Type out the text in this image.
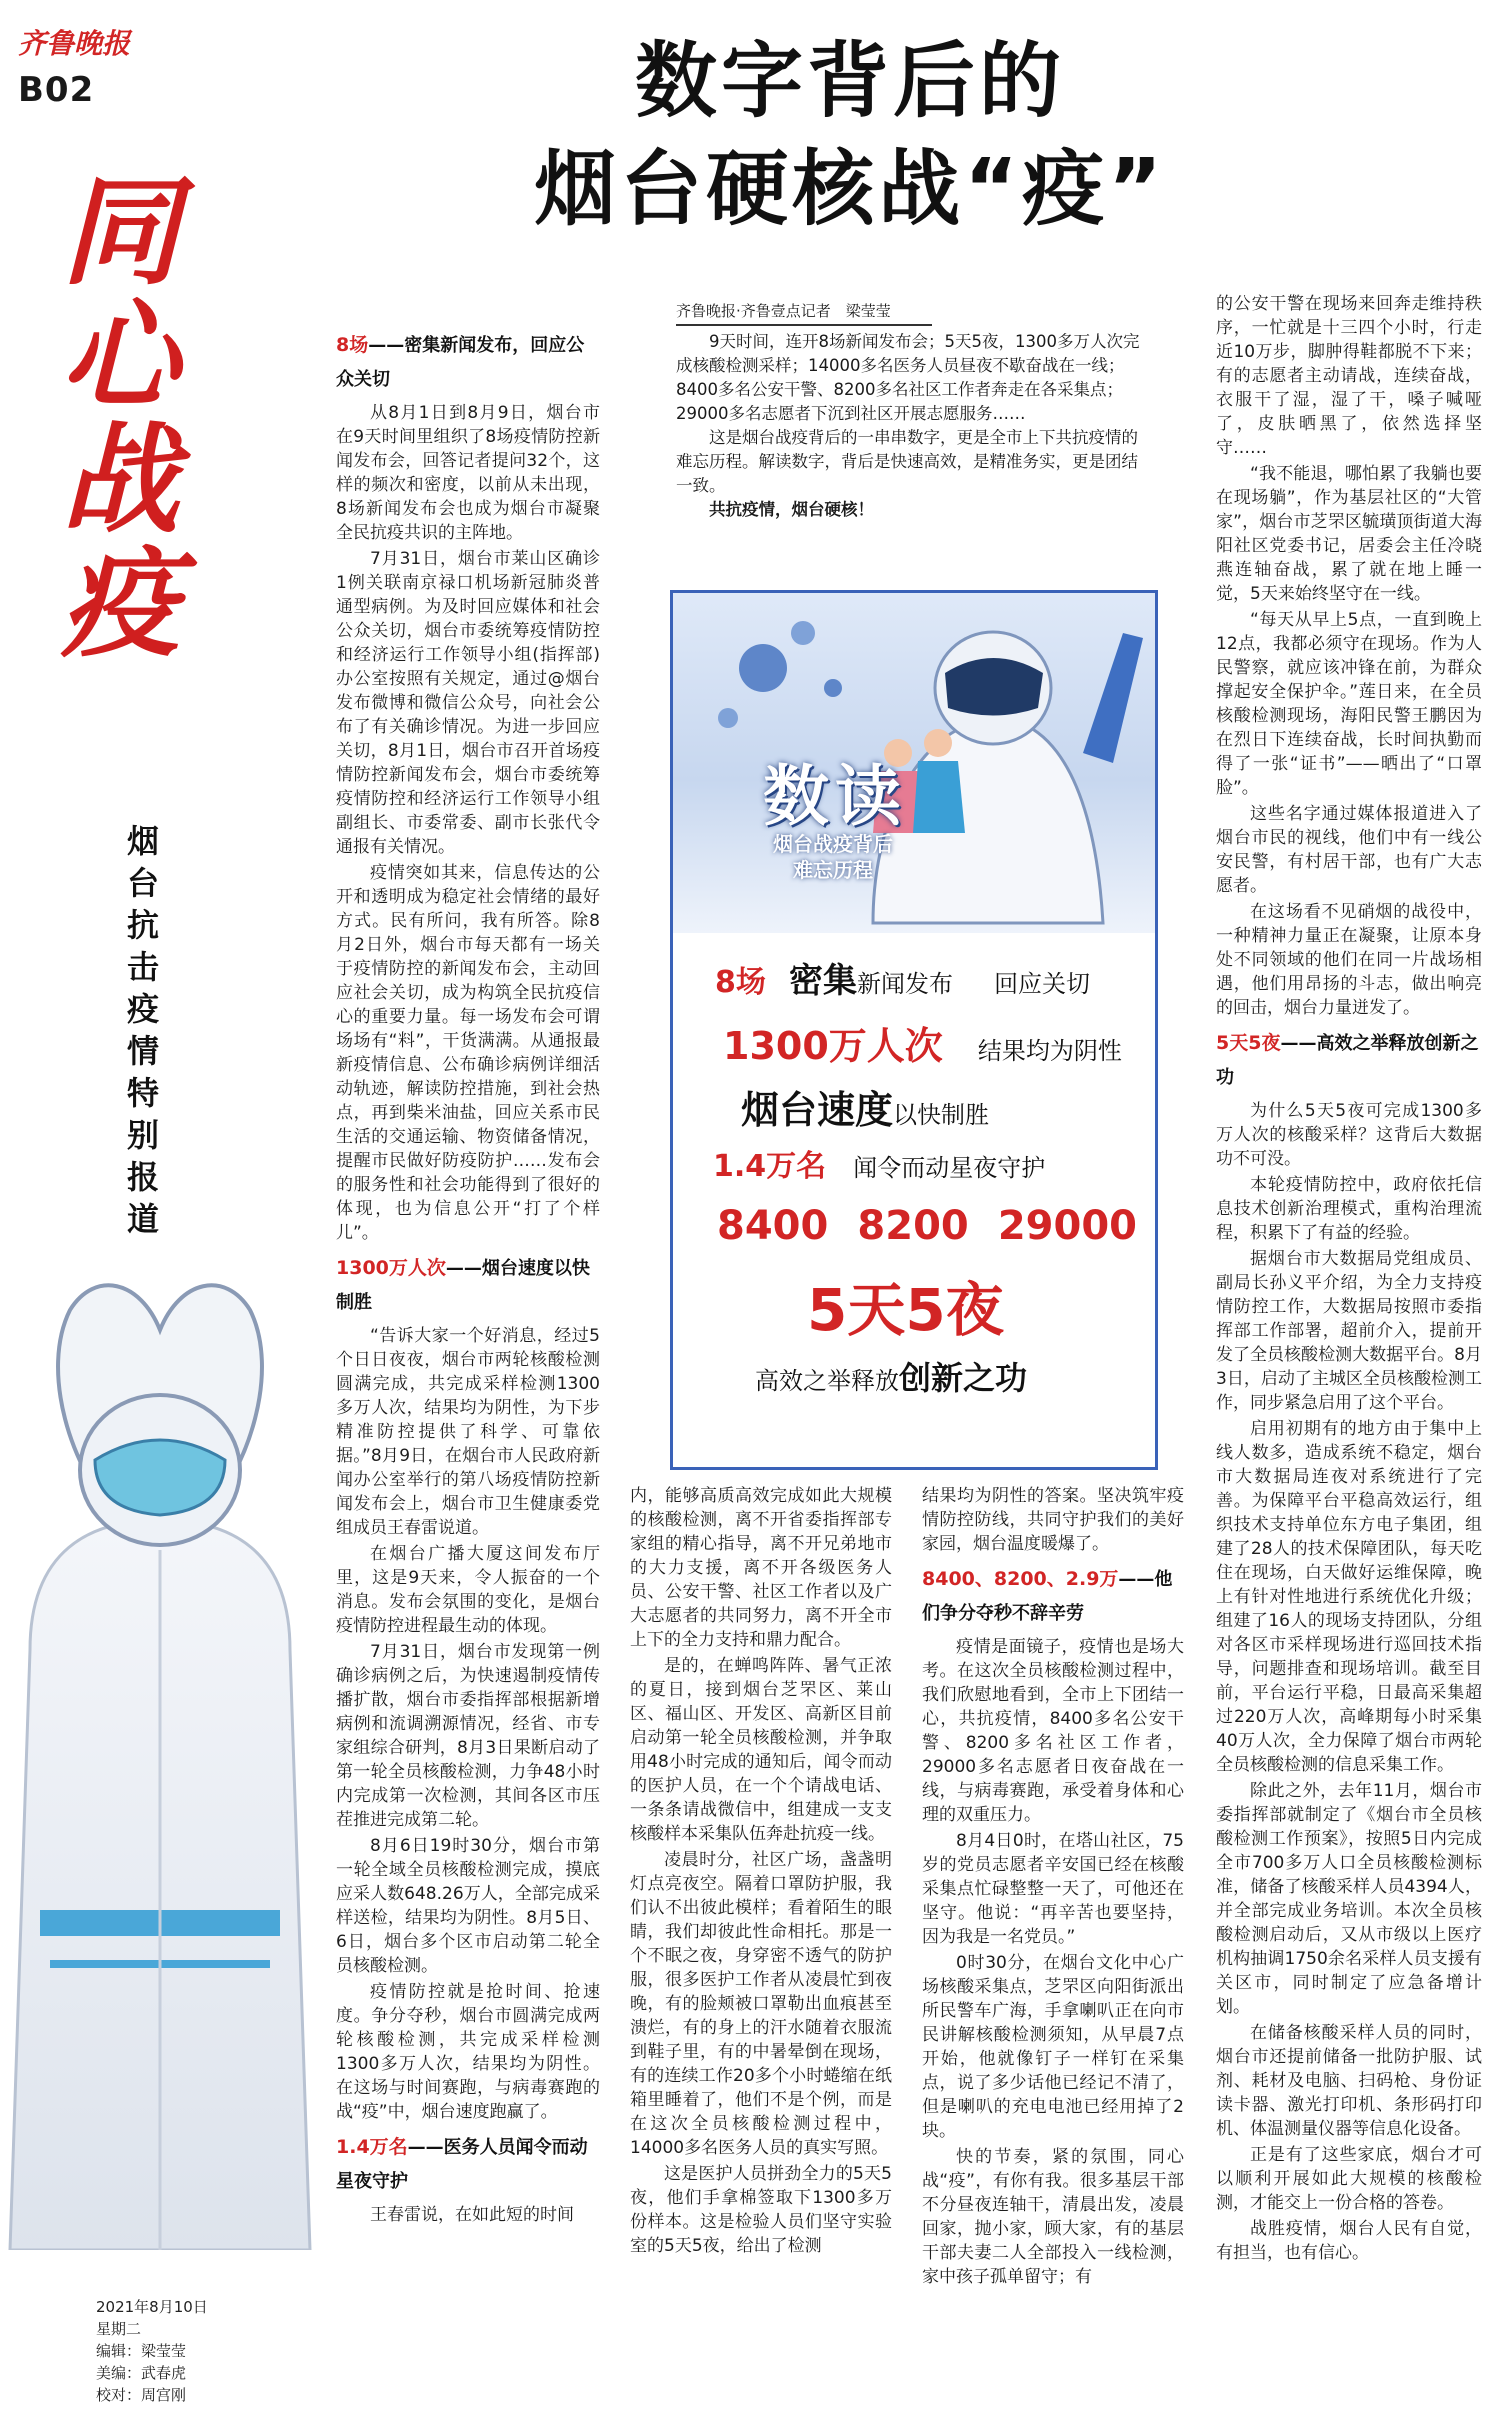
齐鲁晚报
B02
同
心
战
疫
烟台抗击疫情特别报道
2021年8月10日
星期二
编辑：梁莹莹
美编：武春虎
校对：周宫刚
数字背后的
烟台硬核战“疫”
齐鲁晚报·齐鲁壹点记者　梁莹莹

9天时间，连开8场新闻发布会；5天5夜，1300多万人次完成核酸检测采样；14000多名医务人员昼夜不歇奋战在一线；8400多名公安干警、8200多名社区工作者奔走在各采集点；29000多名志愿者下沉到社区开展志愿服务……

这是烟台战疫背后的一串串数字，更是全市上下共抗疫情的难忘历程。解读数字，背后是快速高效，是精准务实，更是团结一致。

共抗疫情，烟台硬核！

8场——密集新闻发布，回应公众关切

从8月1日到8月9日，烟台市在9天时间里组织了8场疫情防控新闻发布会，回答记者提问32个，这样的频次和密度，以前从未出现，8场新闻发布会也成为烟台市凝聚全民抗疫共识的主阵地。

7月31日，烟台市莱山区确诊1例关联南京禄口机场新冠肺炎普通型病例。为及时回应媒体和社会公众关切，烟台市委统筹疫情防控和经济运行工作领导小组(指挥部)办公室按照有关规定，通过@烟台发布微博和微信公众号，向社会公布了有关确诊情况。为进一步回应关切，8月1日，烟台市召开首场疫情防控新闻发布会，烟台市委统筹疫情防控和经济运行工作领导小组副组长、市委常委、副市长张代令通报有关情况。

疫情突如其来，信息传达的公开和透明成为稳定社会情绪的最好方式。民有所问，我有所答。除8月2日外，烟台市每天都有一场关于疫情防控的新闻发布会，主动回应社会关切，成为构筑全民抗疫信心的重要力量。每一场发布会可谓场场有“料”，干货满满。从通报最新疫情信息、公布确诊病例详细活动轨迹，解读防控措施，到社会热点，再到柴米油盐，回应关系市民生活的交通运输、物资储备情况，提醒市民做好防疫防护……发布会的服务性和社会功能得到了很好的体现，也为信息公开“打了个样儿”。

1300万人次——烟台速度以快制胜

“告诉大家一个好消息，经过5个日日夜夜，烟台市两轮核酸检测圆满完成，共完成采样检测1300多万人次，结果均为阴性，为下步精准防控提供了科学、可靠依据。”8月9日，在烟台市人民政府新闻办公室举行的第八场疫情防控新闻发布会上，烟台市卫生健康委党组成员王春雷说道。

在烟台广播大厦这间发布厅里，这是9天来，令人振奋的一个消息。发布会氛围的变化，是烟台疫情防控进程最生动的体现。

7月31日，烟台市发现第一例确诊病例之后，为快速遏制疫情传播扩散，烟台市委指挥部根据新增病例和流调溯源情况，经省、市专家组综合研判，8月3日果断启动了第一轮全员核酸检测，力争48小时内完成第一次检测，其间各区市压茬推进完成第二轮。

8月6日19时30分，烟台市第一轮全域全员核酸检测完成，摸底应采人数648.26万人，全部完成采样送检，结果均为阴性。8月5日、6日，烟台多个区市启动第二轮全员核酸检测。

疫情防控就是抢时间、抢速度。争分夺秒，烟台市圆满完成两轮核酸检测，共完成采样检测1300多万人次，结果均为阴性。在这场与时间赛跑，与病毒赛跑的战“疫”中，烟台速度跑赢了。

1.4万名——医务人员闻令而动星夜守护

王春雷说，在如此短的时间

数读
烟台战疫背后
难忘历程
8场 密集新闻发布 回应关切
1300万人次 结果均为阴性
烟台速度以快制胜
1.4万名 闻令而动星夜守护
8400 8200 29000
5天5夜
高效之举释放创新之功

内，能够高质高效完成如此大规模的核酸检测，离不开省委指挥部专家组的精心指导，离不开兄弟地市的大力支援，离不开各级医务人员、公安干警、社区工作者以及广大志愿者的共同努力，离不开全市上下的全力支持和鼎力配合。

是的，在蝉鸣阵阵、暑气正浓的夏日，接到烟台芝罘区、莱山区、福山区、开发区、高新区目前启动第一轮全员核酸检测，并争取用48小时完成的通知后，闻令而动的医护人员，在一个个请战电话、一条条请战微信中，组建成一支支核酸样本采集队伍奔赴抗疫一线。

凌晨时分，社区广场，盏盏明灯点亮夜空。隔着口罩防护服，我们认不出彼此模样；看着陌生的眼睛，我们却彼此性命相托。那是一个不眠之夜，身穿密不透气的防护服，很多医护工作者从凌晨忙到夜晚，有的脸颊被口罩勒出血痕甚至溃烂，有的身上的汗水随着衣服流到鞋子里，有的中暑晕倒在现场，有的连续工作20多个小时蜷缩在纸箱里睡着了，他们不是个例，而是在这次全员核酸检测过程中，14000多名医务人员的真实写照。

这是医护人员拼劲全力的5天5夜，他们手拿棉签取下1300多万份样本。这是检验人员们坚守实验室的5天5夜，给出了检测

结果均为阴性的答案。坚决筑牢疫情防控防线，共同守护我们的美好家园，烟台温度暖爆了。

8400、8200、2.9万——他们争分夺秒不辞辛劳

疫情是面镜子，疫情也是场大考。在这次全员核酸检测过程中，我们欣慰地看到，全市上下团结一心，共抗疫情，8400多名公安干警、8200多名社区工作者，29000多名志愿者日夜奋战在一线，与病毒赛跑，承受着身体和心理的双重压力。

8月4日0时，在塔山社区，75岁的党员志愿者辛安国已经在核酸采集点忙碌整整一天了，可他还在坚守。他说：“再辛苦也要坚持，因为我是一名党员。”

0时30分，在烟台文化中心广场核酸采集点，芝罘区向阳街派出所民警车广海，手拿喇叭正在向市民讲解核酸检测须知，从早晨7点开始，他就像钉子一样钉在采集点，说了多少话他已经记不清了，但是喇叭的充电电池已经用掉了2块。

快的节奏，紧的氛围，同心战“疫”，有你有我。很多基层干部不分昼夜连轴干，清晨出发，凌晨回家，抛小家，顾大家，有的基层干部夫妻二人全部投入一线检测，家中孩子孤单留守；有

的公安干警在现场来回奔走维持秩序，一忙就是十三四个小时，行走近10万步，脚肿得鞋都脱不下来；有的志愿者主动请战，连续奋战，衣服干了湿，湿了干，嗓子喊哑了，皮肤晒黑了，依然选择坚守……

“我不能退，哪怕累了我躺也要在现场躺”，作为基层社区的“大管家”，烟台市芝罘区毓璜顶街道大海阳社区党委书记，居委会主任冷晓燕连轴奋战，累了就在地上睡一觉，5天来始终坚守在一线。

“每天从早上5点，一直到晚上12点，我都必须守在现场。作为人民警察，就应该冲锋在前，为群众撑起安全保护伞。”莲日来，在全员核酸检测现场，海阳民警王鹏因为在烈日下连续奋战，长时间执勤而得了一张“证书”——晒出了“口罩脸”。

这些名字通过媒体报道进入了烟台市民的视线，他们中有一线公安民警，有村居干部，也有广大志愿者。

在这场看不见硝烟的战役中，一种精神力量正在凝聚，让原本身处不同领域的他们在同一片战场相遇，他们用昂扬的斗志，做出响亮的回击，烟台力量迸发了。

5天5夜——高效之举释放创新之功

为什么5天5夜可完成1300多万人次的核酸采样？这背后大数据功不可没。

本轮疫情防控中，政府依托信息技术创新治理模式，重构治理流程，积累下了有益的经验。

据烟台市大数据局党组成员、副局长孙义平介绍，为全力支持疫情防控工作，大数据局按照市委指挥部工作部署，超前介入，提前开发了全员核酸检测大数据平台。8月3日，启动了主城区全员核酸检测工作，同步紧急启用了这个平台。

启用初期有的地方由于集中上线人数多，造成系统不稳定，烟台市大数据局连夜对系统进行了完善。为保障平台平稳高效运行，组织技术支持单位东方电子集团，组建了28人的技术保障团队，每天吃住在现场，白天做好运维保障，晚上有针对性地进行系统优化升级；组建了16人的现场支持团队，分组对各区市采样现场进行巡回技术指导，问题排查和现场培训。截至目前，平台运行平稳，日最高采集超过220万人次，高峰期每小时采集40万人次，全力保障了烟台市两轮全员核酸检测的信息采集工作。

除此之外，去年11月，烟台市委指挥部就制定了《烟台市全员核酸检测工作预案》，按照5日内完成全市700多万人口全员核酸检测标准，储备了核酸采样人员4394人，并全部完成业务培训。本次全员核酸检测启动后，又从市级以上医疗机构抽调1750余名采样人员支援有关区市，同时制定了应急备增计划。

在储备核酸采样人员的同时，烟台市还提前储备一批防护服、试剂、耗材及电脑、扫码枪、身份证读卡器、激光打印机、条形码打印机、体温测量仪器等信息化设备。

正是有了这些家底，烟台才可以顺利开展如此大规模的核酸检测，才能交上一份合格的答卷。

战胜疫情，烟台人民有自觉，有担当，也有信心。
